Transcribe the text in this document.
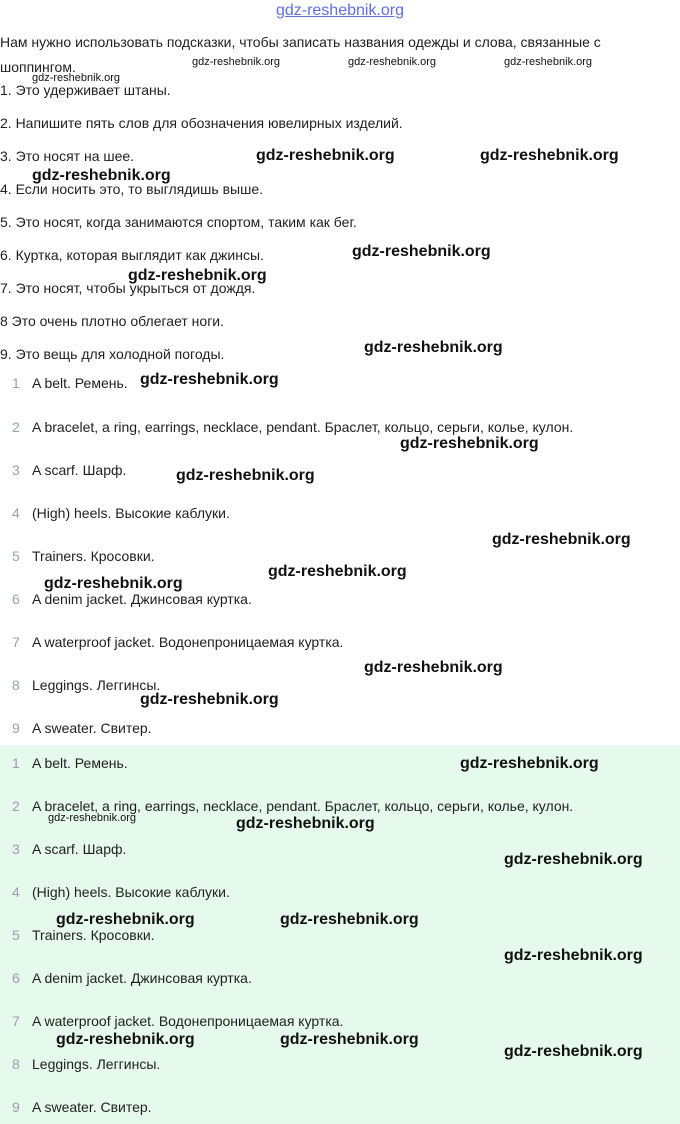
gdz-reshebnik.org
Нам нужно использовать подсказки, чтобы записать названия одежды и слова, связанные с шоппингом.
1. Это удерживает штаны.
2. Напишите пять слов для обозначения ювелирных изделий.
3. Это носят на шее.
4. Если носить это, то выглядишь выше.
5. Это носят, когда занимаются спортом, таким как бег.
6. Куртка, которая выглядит как джинсы.
7. Это носят, чтобы укрыться от дождя.
8 Это очень плотно облегает ноги.
9. Это вещь для холодной погоды.
1 A belt. Ремень.
2 A bracelet, a ring, earrings, necklace, pendant. Браслет, кольцо, серьги, колье, кулон.
3 A scarf. Шарф.
4 (High) heels. Высокие каблуки.
5 Trainers. Кросовки.
6 A denim jacket. Джинсовая куртка.
7 A waterproof jacket. Водонепроницаемая куртка.
8 Leggings. Леггинсы.
9 A sweater. Свитер.
1 A belt. Ремень.
2 A bracelet, a ring, earrings, necklace, pendant. Браслет, кольцо, серьги, колье, кулон.
3 A scarf. Шарф.
4 (High) heels. Высокие каблуки.
5 Trainers. Кросовки.
6 A denim jacket. Джинсовая куртка.
7 A waterproof jacket. Водонепроницаемая куртка.
8 Leggings. Леггинсы.
9 A sweater. Свитер.
gdz-reshebnik.org	gdz-reshebnik.org	gdz-reshebnik.org
gdz-reshebnik.org
gdz-reshebnik.org	gdz-reshebnik.org
gdz-reshebnik.org
gdz-reshebnik.org
gdz-reshebnik.org
gdz-reshebnik.org
gdz-reshebnik.org
gdz-reshebnik.org
gdz-reshebnik.org
gdz-reshebnik.org
gdz-reshebnik.org
gdz-reshebnik.org
gdz-reshebnik.org
gdz-reshebnik.org
gdz-reshebnik.org
gdz-reshebnik.org	gdz-reshebnik.org
gdz-reshebnik.org
gdz-reshebnik.org	gdz-reshebnik.org
gdz-reshebnik.org
gdz-reshebnik.org	gdz-reshebnik.org
gdz-reshebnik.org
